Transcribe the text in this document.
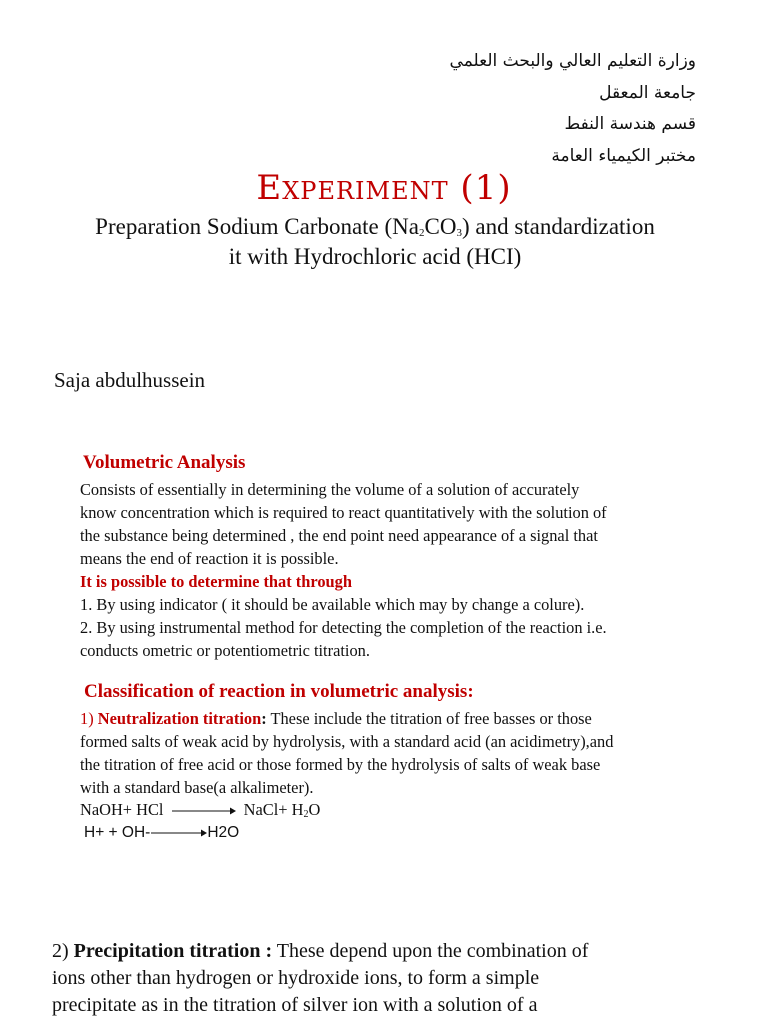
وزارة التعليم العالي والبحث العلمي
جامعة المعقل
قسم هندسة النفط
مختبر الكيمياء العامة
Experiment (1)
Preparation Sodium Carbonate $(Na_2CO_3)$ and standardization
it with Hydrochloric acid (HCI)
Saja abdulhussein
Volumetric Analysis

Consists of essentially in determining the volume of a solution of accurately

know concentration which is required to react quantitatively with the solution of

the substance being determined , the end point need appearance of a signal that

means the end of reaction it is possible.

It is possible to determine that through

1. By using indicator ( it should be available which may by change a colure).

2. By using instrumental method for detecting the completion of the reaction i.e.

conducts ometric or potentiometric titration.

Classification of reaction in volumetric analysis:

1) Neutralization titration: These include the titration of free basses or those

formed salts of weak acid by hydrolysis, with a standard acid (an acidimetry),and

the titration of free acid or those formed by the hydrolysis of salts of weak base

with a standard base(a alkalimeter).

NaOH+ HCl	NaCl+ $H_2O$
H+ + OH-	H2O
2) Precipitation titration : These depend upon the combination of
ions other than hydrogen or hydroxide ions, to form a simple
precipitate as in the titration of silver ion with a solution of a
